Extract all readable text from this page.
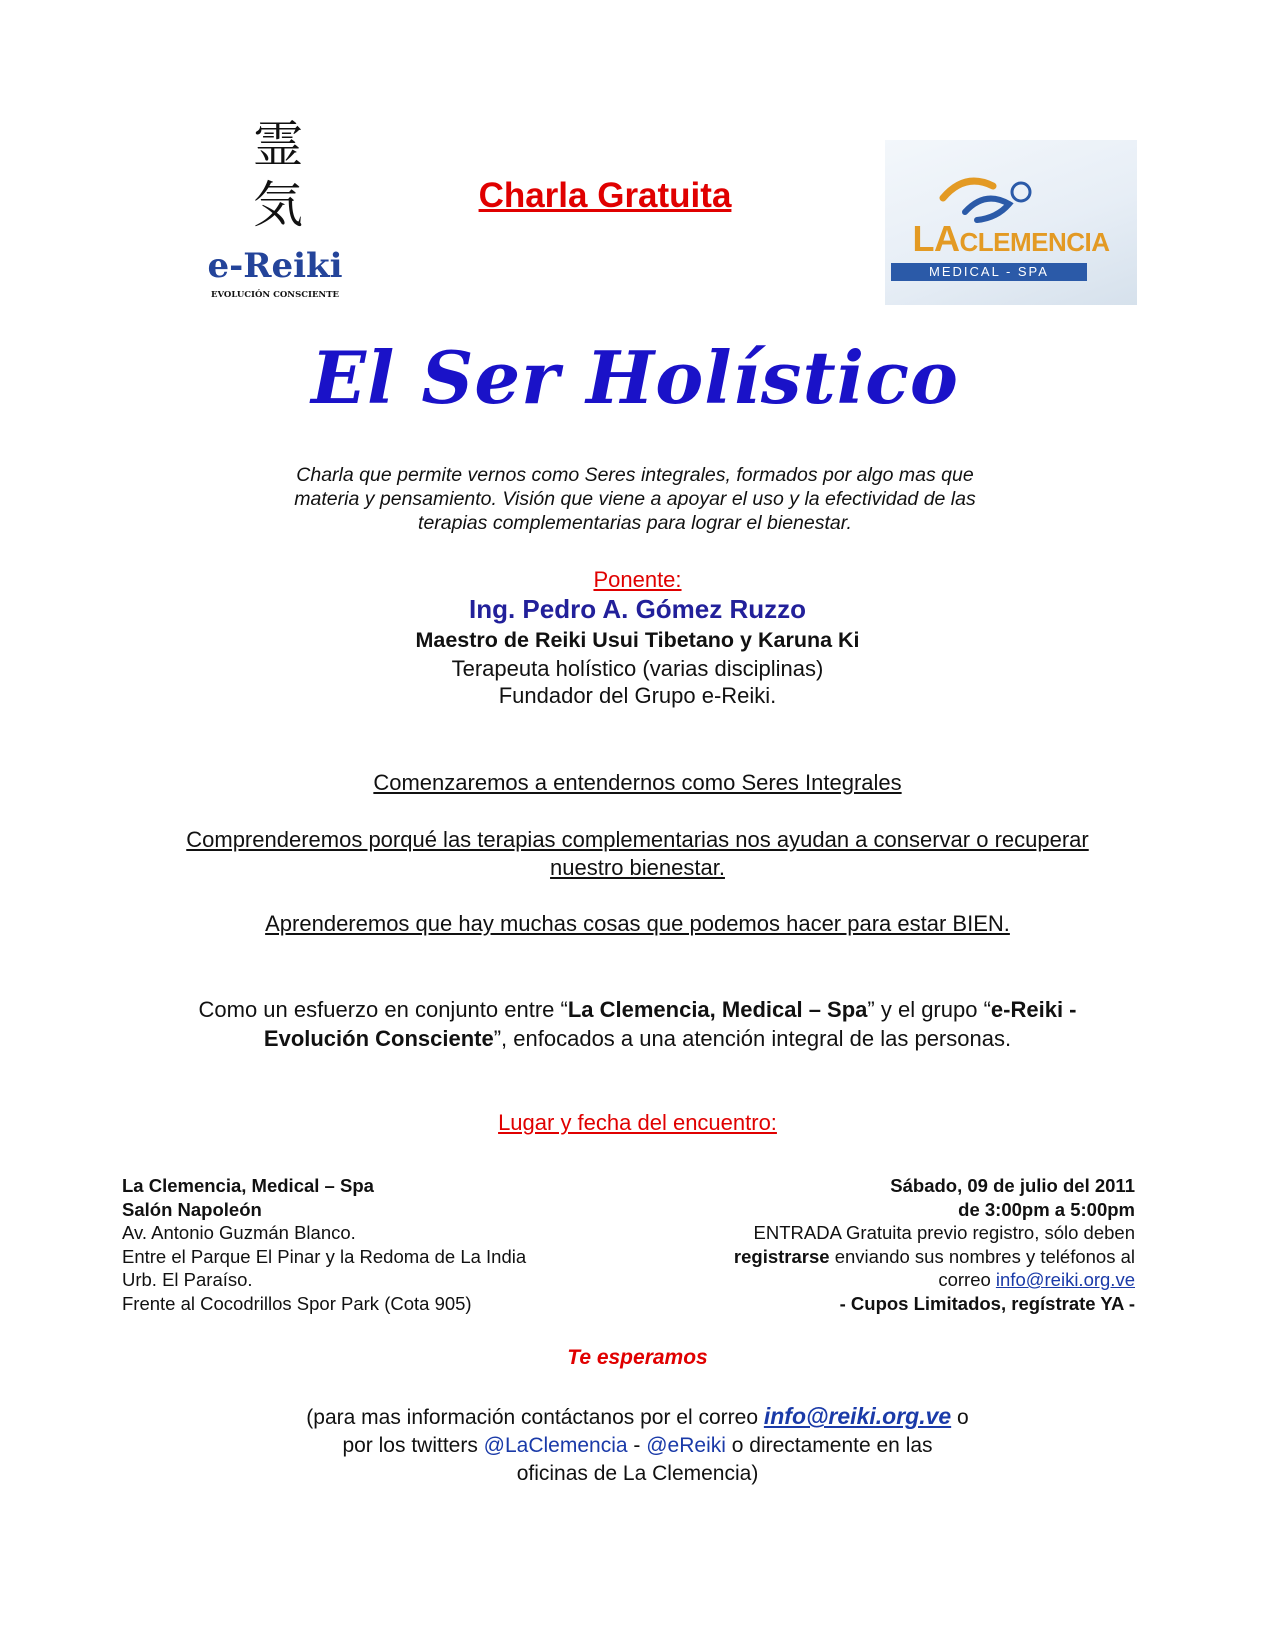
霊
気
e-Reiki
EVOLUCIÓN CONSCIENTE
LACLEMENCIA
MEDICAL - SPA
Charla Gratuita
El Ser Holístico
Charla que permite vernos como Seres integrales, formados por algo mas que
materia y pensamiento. Visión que viene a apoyar el uso y la efectividad de las
terapias complementarias para lograr el bienestar.
Ponente:
Ing. Pedro A. Gómez Ruzzo
Maestro de Reiki Usui Tibetano y Karuna Ki
Terapeuta holístico (varias disciplinas)
Fundador del Grupo e-Reiki.
Comenzaremos a entendernos como Seres Integrales
Comprenderemos porqué las terapias complementarias nos ayudan a conservar o recuperar
nuestro bienestar.
Aprenderemos que hay muchas cosas que podemos hacer para estar BIEN.
Como un esfuerzo en conjunto entre “La Clemencia, Medical – Spa” y el grupo “e-Reiki -
Evolución Consciente”, enfocados a una atención integral de las personas.
Lugar y fecha del encuentro:
La Clemencia, Medical – Spa
Salón Napoleón
Av. Antonio Guzmán Blanco.
Entre el Parque El Pinar y la Redoma de La India
Urb. El Paraíso.
Frente al Cocodrillos Spor Park (Cota 905)
Sábado, 09 de julio del 2011
de 3:00pm a 5:00pm
ENTRADA Gratuita previo registro, sólo deben
registrarse enviando sus nombres y teléfonos al
correo info@reiki.org.ve
- Cupos Limitados, regístrate YA -
Te esperamos
(para mas información contáctanos por el correo info@reiki.org.ve o
por los twitters @LaClemencia - @eReiki o directamente en las
oficinas de La Clemencia)
